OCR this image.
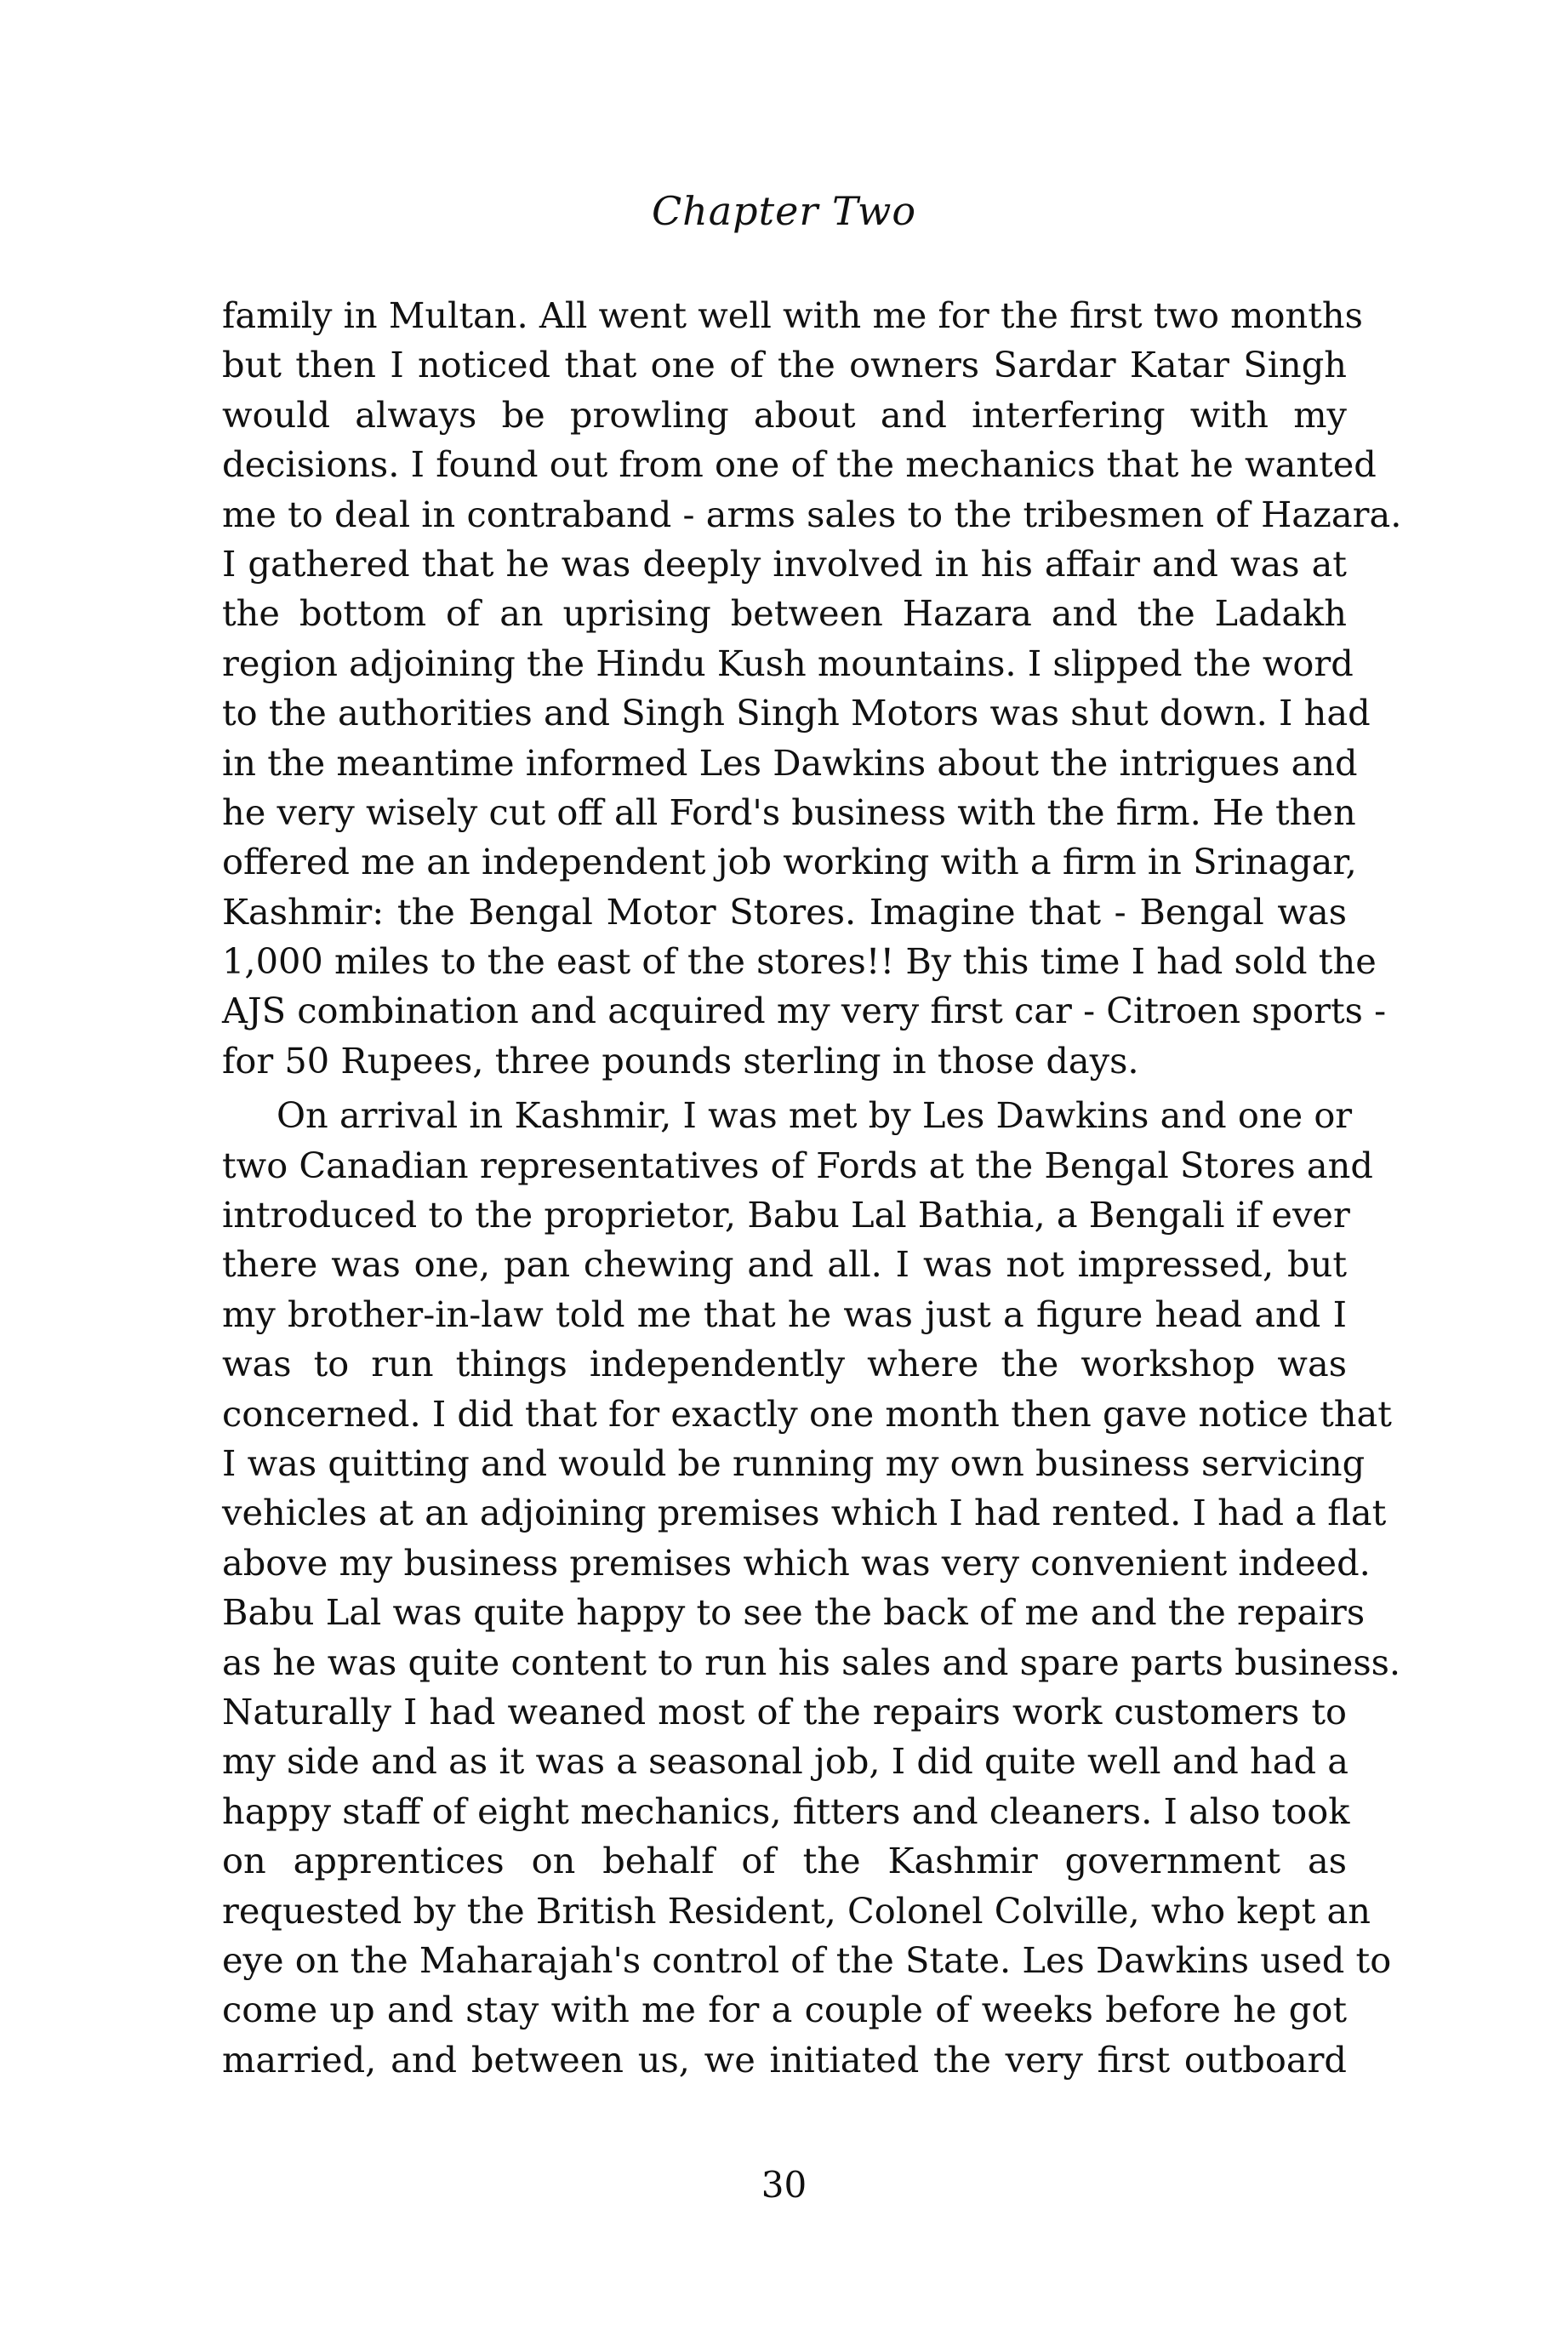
Chapter Two
family in Multan. All went well with me for the first two months
but then I noticed that one of the owners Sardar Katar Singh
would always be prowling about and interfering with my
decisions. I found out from one of the mechanics that he wanted
me to deal in contraband - arms sales to the tribesmen of Hazara.
I gathered that he was deeply involved in his affair and was at
the bottom of an uprising between Hazara and the Ladakh
region adjoining the Hindu Kush mountains. I slipped the word
to the authorities and Singh Singh Motors was shut down. I had
in the meantime informed Les Dawkins about the intrigues and
he very wisely cut off all Ford's business with the firm. He then
offered me an independent job working with a firm in Srinagar,
Kashmir: the Bengal Motor Stores. Imagine that - Bengal was
1,000 miles to the east of the stores!! By this time I had sold the
AJS combination and acquired my very first car - Citroen sports -
for 50 Rupees, three pounds sterling in those days.
On arrival in Kashmir, I was met by Les Dawkins and one or
two Canadian representatives of Fords at the Bengal Stores and
introduced to the proprietor, Babu Lal Bathia, a Bengali if ever
there was one, pan chewing and all. I was not impressed, but
my brother-in-law told me that he was just a figure head and I
was to run things independently where the workshop was
concerned. I did that for exactly one month then gave notice that
I was quitting and would be running my own business servicing
vehicles at an adjoining premises which I had rented. I had a flat
above my business premises which was very convenient indeed.
Babu Lal was quite happy to see the back of me and the repairs
as he was quite content to run his sales and spare parts business.
Naturally I had weaned most of the repairs work customers to
my side and as it was a seasonal job, I did quite well and had a
happy staff of eight mechanics, fitters and cleaners. I also took
on apprentices on behalf of the Kashmir government as
requested by the British Resident, Colonel Colville, who kept an
eye on the Maharajah's control of the State. Les Dawkins used to
come up and stay with me for a couple of weeks before he got
married, and between us, we initiated the very first outboard
30
